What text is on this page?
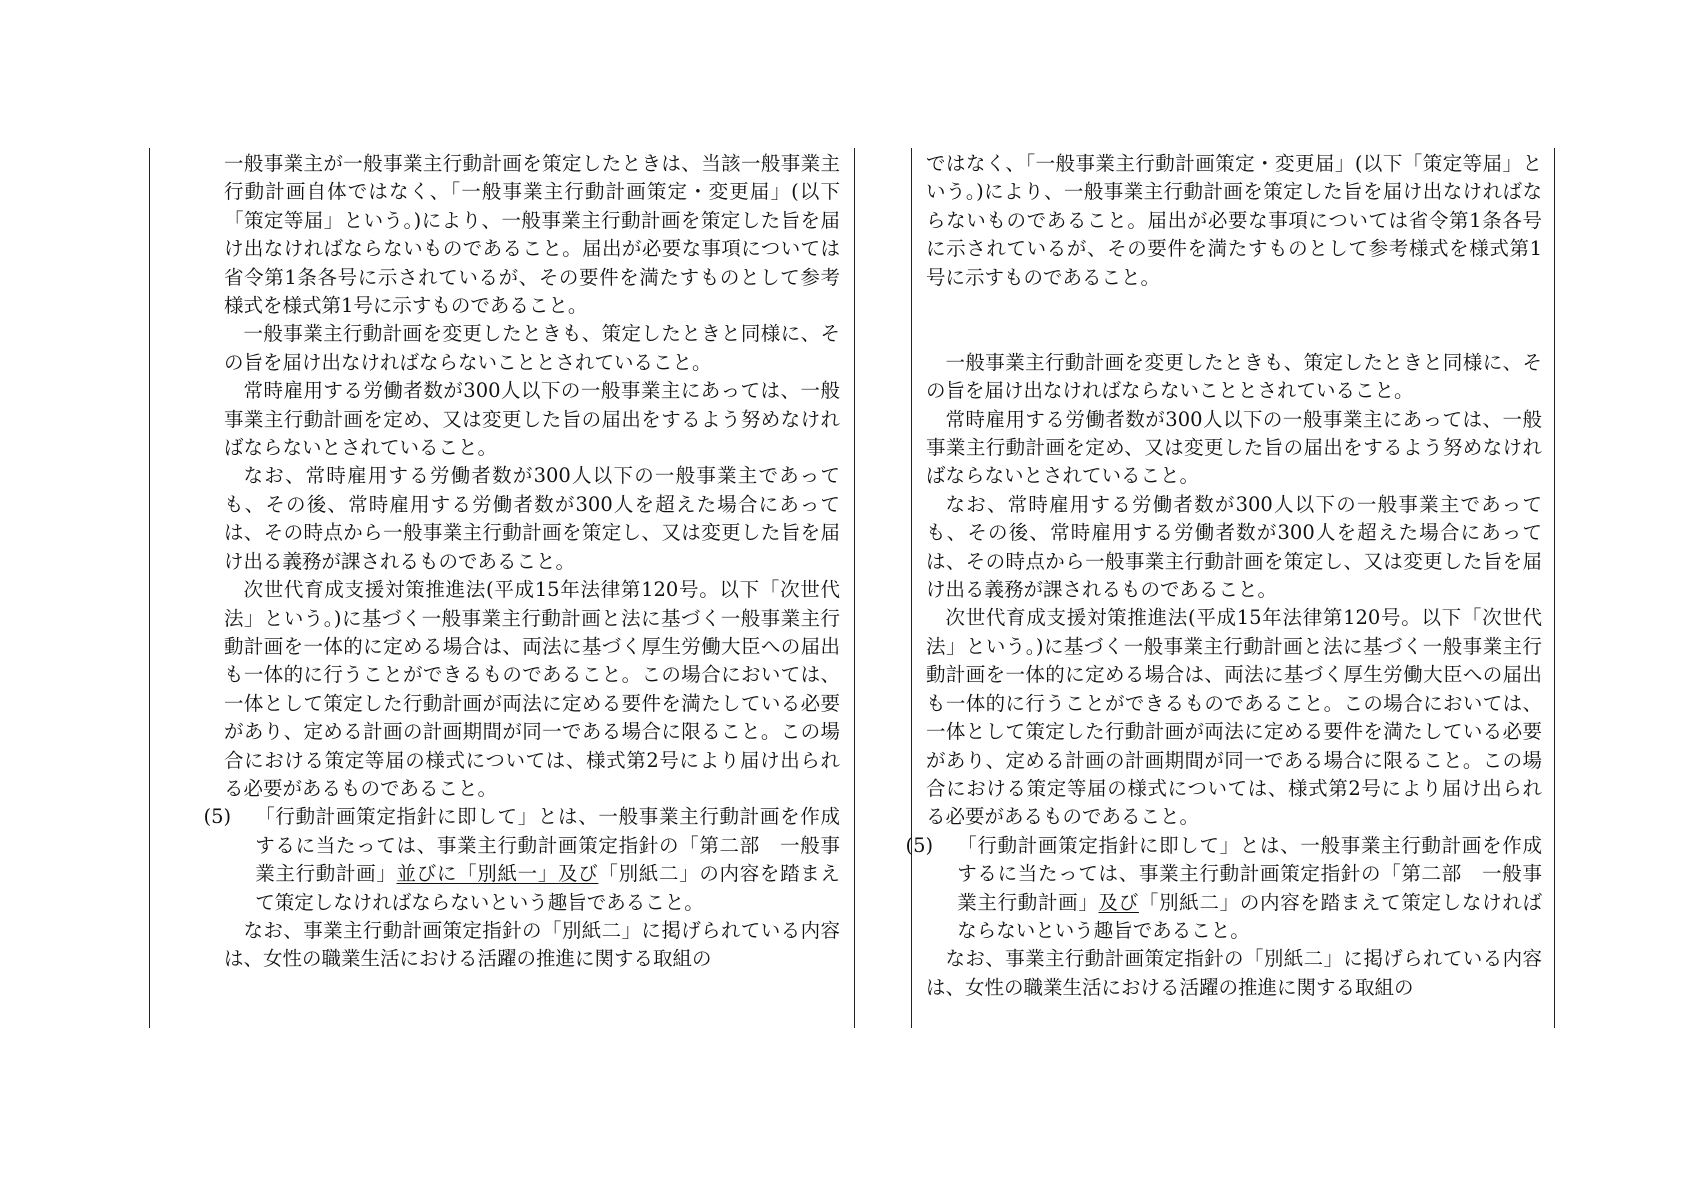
一般事業主が一般事業主行動計画を策定したときは、当該一般事業主行動計画自体ではなく、「一般事業主行動計画策定・変更届」(以下「策定等届」という。)により、一般事業主行動計画を策定した旨を届け出なければならないものであること。届出が必要な事項については省令第1条各号に示されているが、その要件を満たすものとして参考様式を様式第1号に示すものであること。

一般事業主行動計画を変更したときも、策定したときと同様に、その旨を届け出なければならないこととされていること。

常時雇用する労働者数が300人以下の一般事業主にあっては、一般事業主行動計画を定め、又は変更した旨の届出をするよう努めなければならないとされていること。

なお、常時雇用する労働者数が300人以下の一般事業主であっても、その後、常時雇用する労働者数が300人を超えた場合にあっては、その時点から一般事業主行動計画を策定し、又は変更した旨を届け出る義務が課されるものであること。

次世代育成支援対策推進法(平成15年法律第120号。以下「次世代法」という。)に基づく一般事業主行動計画と法に基づく一般事業主行動計画を一体的に定める場合は、両法に基づく厚生労働大臣への届出も一体的に行うことができるものであること。この場合においては、一体として策定した行動計画が両法に定める要件を満たしている必要があり、定める計画の計画期間が同一である場合に限ること。この場合における策定等届の様式については、様式第2号により届け出られる必要があるものであること。

(5) 「行動計画策定指針に即して」とは、一般事業主行動計画を作成するに当たっては、事業主行動計画策定指針の「第二部　一般事業主行動計画」並びに「別紙一」及び「別紙二」の内容を踏まえて策定しなければならないという趣旨であること。

なお、事業主行動計画策定指針の「別紙二」に掲げられている内容は、女性の職業生活における活躍の推進に関する取組の

ではなく、「一般事業主行動計画策定・変更届」(以下「策定等届」という。)により、一般事業主行動計画を策定した旨を届け出なければならないものであること。届出が必要な事項については省令第1条各号に示されているが、その要件を満たすものとして参考様式を様式第1号に示すものであること。

一般事業主行動計画を変更したときも、策定したときと同様に、その旨を届け出なければならないこととされていること。

常時雇用する労働者数が300人以下の一般事業主にあっては、一般事業主行動計画を定め、又は変更した旨の届出をするよう努めなければならないとされていること。

なお、常時雇用する労働者数が300人以下の一般事業主であっても、その後、常時雇用する労働者数が300人を超えた場合にあっては、その時点から一般事業主行動計画を策定し、又は変更した旨を届け出る義務が課されるものであること。

次世代育成支援対策推進法(平成15年法律第120号。以下「次世代法」という。)に基づく一般事業主行動計画と法に基づく一般事業主行動計画を一体的に定める場合は、両法に基づく厚生労働大臣への届出も一体的に行うことができるものであること。この場合においては、一体として策定した行動計画が両法に定める要件を満たしている必要があり、定める計画の計画期間が同一である場合に限ること。この場合における策定等届の様式については、様式第2号により届け出られる必要があるものであること。

(5) 「行動計画策定指針に即して」とは、一般事業主行動計画を作成するに当たっては、事業主行動計画策定指針の「第二部　一般事業主行動計画」及び「別紙二」の内容を踏まえて策定しなければならないという趣旨であること。

なお、事業主行動計画策定指針の「別紙二」に掲げられている内容は、女性の職業生活における活躍の推進に関する取組の
